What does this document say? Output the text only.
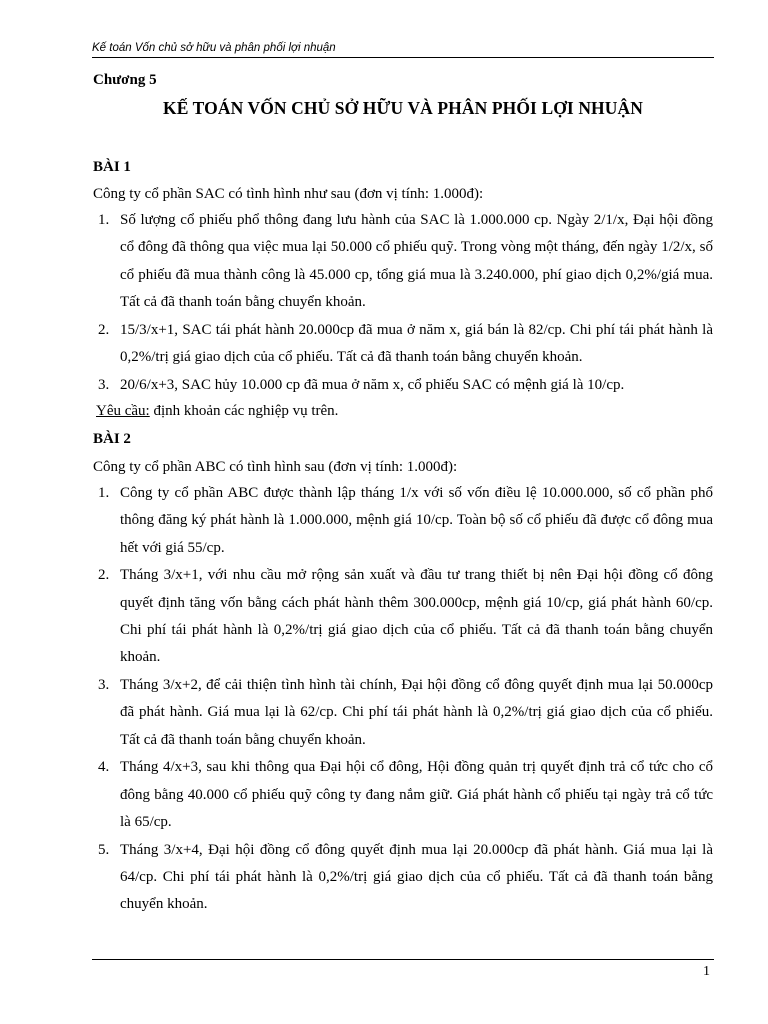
Kế toán Vốn chủ sở hữu và phân phối lợi nhuận
Chương 5
KẾ TOÁN VỐN CHỦ SỞ HỮU VÀ PHÂN PHỐI LỢI NHUẬN
BÀI 1
Công ty cổ phần SAC có tình hình như sau (đơn vị tính: 1.000đ):
1. Số lượng cổ phiếu phổ thông đang lưu hành của SAC là 1.000.000 cp. Ngày 2/1/x, Đại hội đồng cổ đông đã thông qua việc mua lại 50.000 cổ phiếu quỹ. Trong vòng một tháng, đến ngày 1/2/x, số cổ phiếu đã mua thành công là 45.000 cp, tổng giá mua là 3.240.000, phí giao dịch 0,2%/giá mua. Tất cả đã thanh toán bằng chuyển khoản.
2. 15/3/x+1, SAC tái phát hành 20.000cp đã mua ở năm x, giá bán là 82/cp. Chi phí tái phát hành là 0,2%/trị giá giao dịch của cổ phiếu. Tất cả đã thanh toán bằng chuyển khoản.
3. 20/6/x+3, SAC hủy 10.000 cp đã mua ở năm x, cổ phiếu SAC có mệnh giá là 10/cp.
Yêu cầu: định khoản các nghiệp vụ trên.
BÀI 2
Công ty cổ phần ABC có tình hình sau (đơn vị tính: 1.000đ):
1. Công ty cổ phần ABC được thành lập tháng 1/x với số vốn điều lệ 10.000.000, số cổ phần phổ thông đăng ký phát hành là 1.000.000, mệnh giá 10/cp. Toàn bộ số cổ phiếu đã được cổ đông mua hết với giá 55/cp.
2. Tháng 3/x+1, với nhu cầu mở rộng sản xuất và đầu tư trang thiết bị nên Đại hội đồng cổ đông quyết định tăng vốn bằng cách phát hành thêm 300.000cp, mệnh giá 10/cp, giá phát hành 60/cp. Chi phí tái phát hành là 0,2%/trị giá giao dịch của cổ phiếu. Tất cả đã thanh toán bằng chuyển khoản.
3. Tháng 3/x+2, để cải thiện tình hình tài chính, Đại hội đồng cổ đông quyết định mua lại 50.000cp đã phát hành. Giá mua lại là 62/cp. Chi phí tái phát hành là 0,2%/trị giá giao dịch của cổ phiếu. Tất cả đã thanh toán bằng chuyển khoản.
4. Tháng 4/x+3, sau khi thông qua Đại hội cổ đông, Hội đồng quản trị quyết định trả cổ tức cho cổ đông bằng 40.000 cổ phiếu quỹ công ty đang nắm giữ. Giá phát hành cổ phiếu tại ngày trả cổ tức là 65/cp.
5. Tháng 3/x+4, Đại hội đồng cổ đông quyết định mua lại 20.000cp đã phát hành. Giá mua lại là 64/cp. Chi phí tái phát hành là 0,2%/trị giá giao dịch của cổ phiếu. Tất cả đã thanh toán bằng chuyển khoản.
1
